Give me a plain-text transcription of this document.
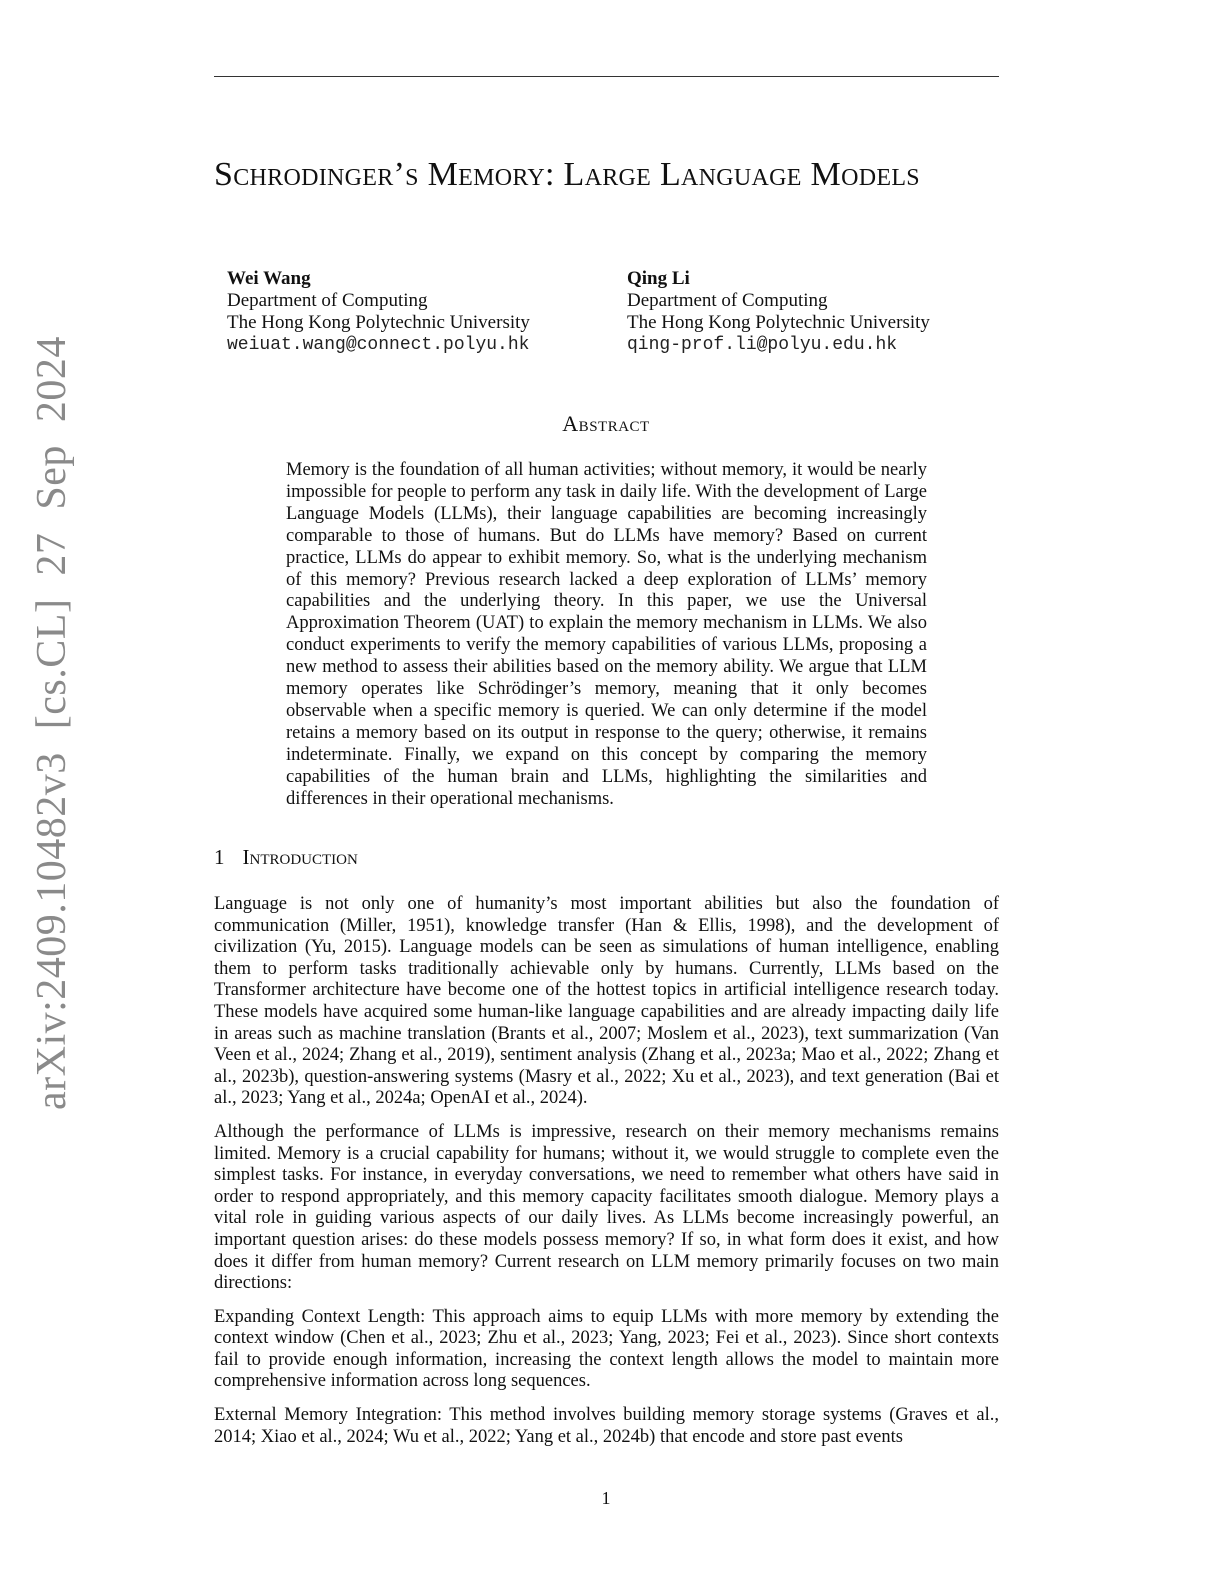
arXiv:2409.10482v3 [cs.CL] 27 Sep 2024
Schrodinger’s Memory: Large Language Models
Wei Wang
Department of Computing
The Hong Kong Polytechnic University
weiuat.wang@connect.polyu.hk
Qing Li
Department of Computing
The Hong Kong Polytechnic University
qing-prof.li@polyu.edu.hk
Abstract

Memory is the foundation of all human activities; without memory, it would be nearly impossible for people to perform any task in daily life. With the development of Large Language Models (LLMs), their language capabilities are becoming increasingly comparable to those of humans. But do LLMs have memory? Based on current practice, LLMs do appear to exhibit memory. So, what is the underlying mechanism of this memory? Previous research lacked a deep exploration of LLMs’ memory capabilities and the underlying theory. In this paper, we use the Universal Approximation Theorem (UAT) to explain the memory mechanism in LLMs. We also conduct experiments to verify the memory capabilities of various LLMs, proposing a new method to assess their abilities based on the memory ability. We argue that LLM memory operates like Schrödinger’s memory, meaning that it only becomes observable when a specific memory is queried. We can only determine if the model retains a memory based on its output in response to the query; otherwise, it remains indeterminate. Finally, we expand on this concept by comparing the memory capabilities of the human brain and LLMs, highlighting the similarities and differences in their operational mechanisms.

1 Introduction

Language is not only one of humanity’s most important abilities but also the foundation of communication (Miller, 1951), knowledge transfer (Han & Ellis, 1998), and the development of civilization (Yu, 2015). Language models can be seen as simulations of human intelligence, enabling them to perform tasks traditionally achievable only by humans. Currently, LLMs based on the Transformer architecture have become one of the hottest topics in artificial intelligence research today. These models have acquired some human-like language capabilities and are already impacting daily life in areas such as machine translation (Brants et al., 2007; Moslem et al., 2023), text summarization (Van Veen et al., 2024; Zhang et al., 2019), sentiment analysis (Zhang et al., 2023a; Mao et al., 2022; Zhang et al., 2023b), question-answering systems (Masry et al., 2022; Xu et al., 2023), and text generation (Bai et al., 2023; Yang et al., 2024a; OpenAI et al., 2024).

Although the performance of LLMs is impressive, research on their memory mechanisms remains limited. Memory is a crucial capability for humans; without it, we would struggle to complete even the simplest tasks. For instance, in everyday conversations, we need to remember what others have said in order to respond appropriately, and this memory capacity facilitates smooth dialogue. Memory plays a vital role in guiding various aspects of our daily lives. As LLMs become increasingly powerful, an important question arises: do these models possess memory? If so, in what form does it exist, and how does it differ from human memory? Current research on LLM memory primarily focuses on two main directions:

Expanding Context Length: This approach aims to equip LLMs with more memory by extending the context window (Chen et al., 2023; Zhu et al., 2023; Yang, 2023; Fei et al., 2023). Since short contexts fail to provide enough information, increasing the context length allows the model to maintain more comprehensive information across long sequences.

External Memory Integration: This method involves building memory storage systems (Graves et al., 2014; Xiao et al., 2024; Wu et al., 2022; Yang et al., 2024b) that encode and store past events

1
